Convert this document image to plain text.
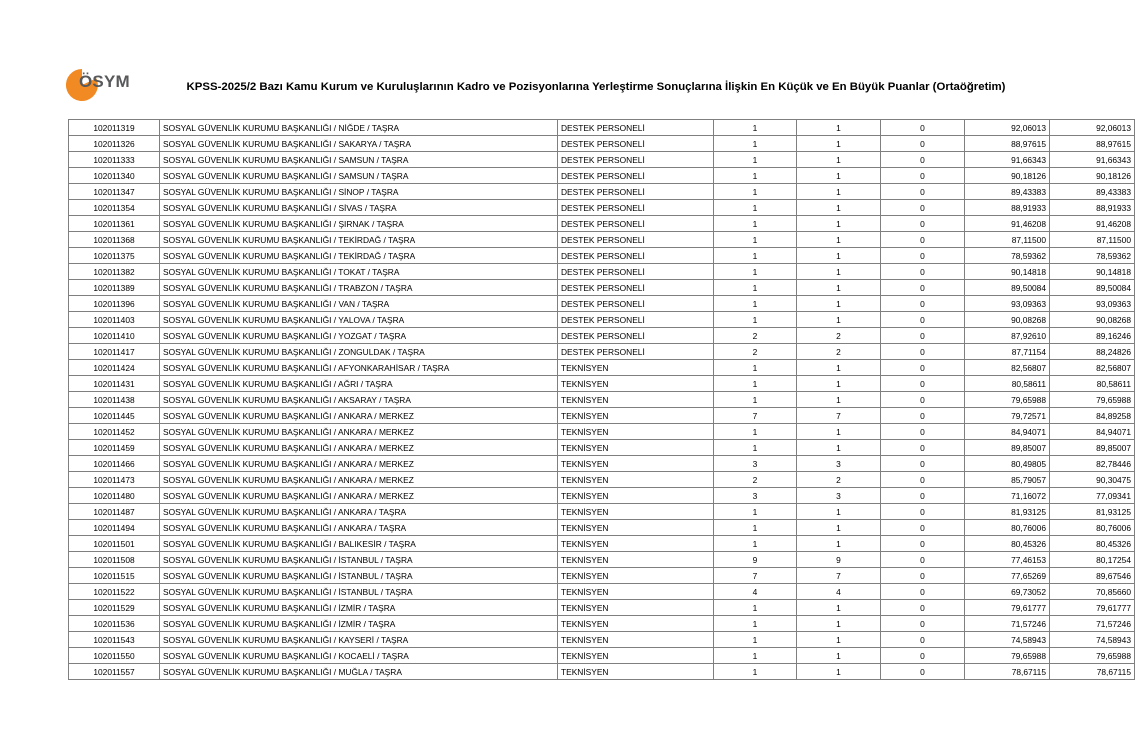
ÖSYM	KPSS-2025/2 Bazı Kamu Kurum ve Kuruluşlarının Kadro ve Pozisyonlarına Yerleştirme Sonuçlarına İlişkin En Küçük ve En Büyük Puanlar (Ortaöğretim)
102011319	SOSYAL GÜVENLİK KURUMU BAŞKANLIĞI / NİĞDE / TAŞRA	DESTEK PERSONELİ	1	1	0	92,06013	92,06013
102011326	SOSYAL GÜVENLİK KURUMU BAŞKANLIĞI / SAKARYA / TAŞRA	DESTEK PERSONELİ	1	1	0	88,97615	88,97615
102011333	SOSYAL GÜVENLİK KURUMU BAŞKANLIĞI / SAMSUN / TAŞRA	DESTEK PERSONELİ	1	1	0	91,66343	91,66343
102011340	SOSYAL GÜVENLİK KURUMU BAŞKANLIĞI / SAMSUN / TAŞRA	DESTEK PERSONELİ	1	1	0	90,18126	90,18126
102011347	SOSYAL GÜVENLİK KURUMU BAŞKANLIĞI / SİNOP / TAŞRA	DESTEK PERSONELİ	1	1	0	89,43383	89,43383
102011354	SOSYAL GÜVENLİK KURUMU BAŞKANLIĞI / SİVAS / TAŞRA	DESTEK PERSONELİ	1	1	0	88,91933	88,91933
102011361	SOSYAL GÜVENLİK KURUMU BAŞKANLIĞI / ŞIRNAK / TAŞRA	DESTEK PERSONELİ	1	1	0	91,46208	91,46208
102011368	SOSYAL GÜVENLİK KURUMU BAŞKANLIĞI / TEKİRDAĞ / TAŞRA	DESTEK PERSONELİ	1	1	0	87,11500	87,11500
102011375	SOSYAL GÜVENLİK KURUMU BAŞKANLIĞI / TEKİRDAĞ / TAŞRA	DESTEK PERSONELİ	1	1	0	78,59362	78,59362
102011382	SOSYAL GÜVENLİK KURUMU BAŞKANLIĞI / TOKAT / TAŞRA	DESTEK PERSONELİ	1	1	0	90,14818	90,14818
102011389	SOSYAL GÜVENLİK KURUMU BAŞKANLIĞI / TRABZON / TAŞRA	DESTEK PERSONELİ	1	1	0	89,50084	89,50084
102011396	SOSYAL GÜVENLİK KURUMU BAŞKANLIĞI / VAN / TAŞRA	DESTEK PERSONELİ	1	1	0	93,09363	93,09363
102011403	SOSYAL GÜVENLİK KURUMU BAŞKANLIĞI / YALOVA / TAŞRA	DESTEK PERSONELİ	1	1	0	90,08268	90,08268
102011410	SOSYAL GÜVENLİK KURUMU BAŞKANLIĞI / YOZGAT / TAŞRA	DESTEK PERSONELİ	2	2	0	87,92610	89,16246
102011417	SOSYAL GÜVENLİK KURUMU BAŞKANLIĞI / ZONGULDAK / TAŞRA	DESTEK PERSONELİ	2	2	0	87,71154	88,24826
102011424	SOSYAL GÜVENLİK KURUMU BAŞKANLIĞI / AFYONKARAHİSAR / TAŞRA	TEKNİSYEN	1	1	0	82,56807	82,56807
102011431	SOSYAL GÜVENLİK KURUMU BAŞKANLIĞI / AĞRI / TAŞRA	TEKNİSYEN	1	1	0	80,58611	80,58611
102011438	SOSYAL GÜVENLİK KURUMU BAŞKANLIĞI / AKSARAY / TAŞRA	TEKNİSYEN	1	1	0	79,65988	79,65988
102011445	SOSYAL GÜVENLİK KURUMU BAŞKANLIĞI / ANKARA / MERKEZ	TEKNİSYEN	7	7	0	79,72571	84,89258
102011452	SOSYAL GÜVENLİK KURUMU BAŞKANLIĞI / ANKARA / MERKEZ	TEKNİSYEN	1	1	0	84,94071	84,94071
102011459	SOSYAL GÜVENLİK KURUMU BAŞKANLIĞI / ANKARA / MERKEZ	TEKNİSYEN	1	1	0	89,85007	89,85007
102011466	SOSYAL GÜVENLİK KURUMU BAŞKANLIĞI / ANKARA / MERKEZ	TEKNİSYEN	3	3	0	80,49805	82,78446
102011473	SOSYAL GÜVENLİK KURUMU BAŞKANLIĞI / ANKARA / MERKEZ	TEKNİSYEN	2	2	0	85,79057	90,30475
102011480	SOSYAL GÜVENLİK KURUMU BAŞKANLIĞI / ANKARA / MERKEZ	TEKNİSYEN	3	3	0	71,16072	77,09341
102011487	SOSYAL GÜVENLİK KURUMU BAŞKANLIĞI / ANKARA / TAŞRA	TEKNİSYEN	1	1	0	81,93125	81,93125
102011494	SOSYAL GÜVENLİK KURUMU BAŞKANLIĞI / ANKARA / TAŞRA	TEKNİSYEN	1	1	0	80,76006	80,76006
102011501	SOSYAL GÜVENLİK KURUMU BAŞKANLIĞI / BALIKESİR / TAŞRA	TEKNİSYEN	1	1	0	80,45326	80,45326
102011508	SOSYAL GÜVENLİK KURUMU BAŞKANLIĞI / İSTANBUL / TAŞRA	TEKNİSYEN	9	9	0	77,46153	80,17254
102011515	SOSYAL GÜVENLİK KURUMU BAŞKANLIĞI / İSTANBUL / TAŞRA	TEKNİSYEN	7	7	0	77,65269	89,67546
102011522	SOSYAL GÜVENLİK KURUMU BAŞKANLIĞI / İSTANBUL / TAŞRA	TEKNİSYEN	4	4	0	69,73052	70,85660
102011529	SOSYAL GÜVENLİK KURUMU BAŞKANLIĞI / İZMİR / TAŞRA	TEKNİSYEN	1	1	0	79,61777	79,61777
102011536	SOSYAL GÜVENLİK KURUMU BAŞKANLIĞI / İZMİR / TAŞRA	TEKNİSYEN	1	1	0	71,57246	71,57246
102011543	SOSYAL GÜVENLİK KURUMU BAŞKANLIĞI / KAYSERİ / TAŞRA	TEKNİSYEN	1	1	0	74,58943	74,58943
102011550	SOSYAL GÜVENLİK KURUMU BAŞKANLIĞI / KOCAELİ / TAŞRA	TEKNİSYEN	1	1	0	79,65988	79,65988
102011557	SOSYAL GÜVENLİK KURUMU BAŞKANLIĞI / MUĞLA / TAŞRA	TEKNİSYEN	1	1	0	78,67115	78,67115
